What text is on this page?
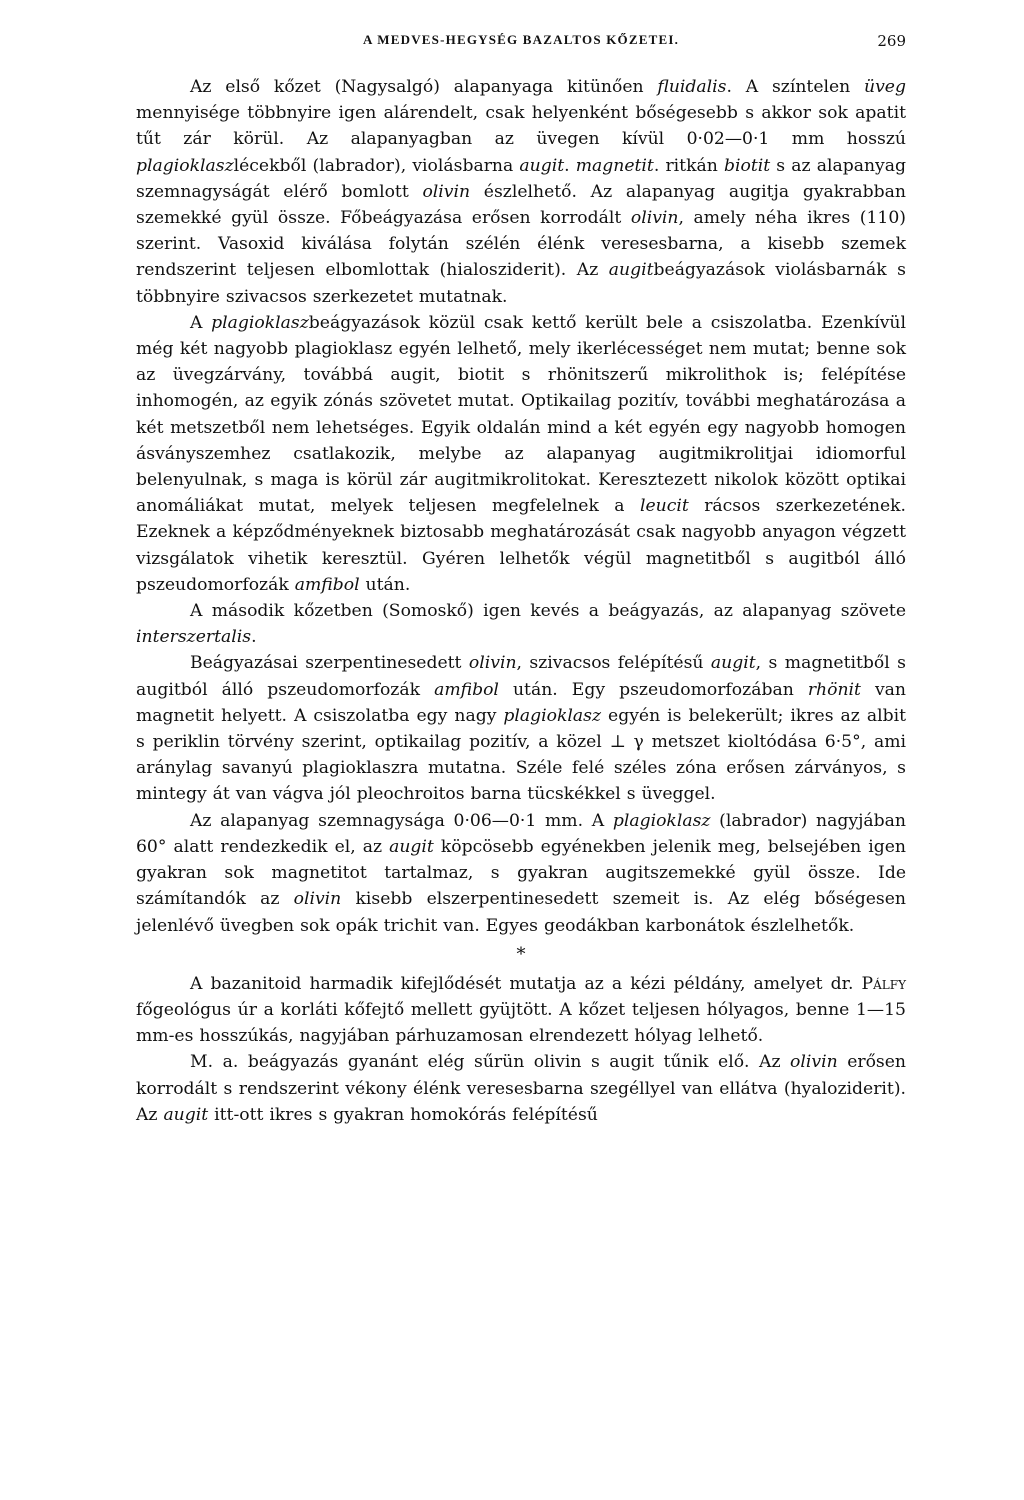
A MEDVES-HEGYSÉG BAZALTOS KŐZETEI.	269

Az első kőzet (Nagysalgó) alapanyaga kitünően fluidalis. A színtelen üveg mennyisége többnyire igen alárendelt, csak helyenként bőségesebb s akkor sok apatit tűt zár körül. Az alapanyagban az üvegen kívül 0·02—0·1 mm hosszú plagioklaszlécekből (labrador), violásbarna augit. magnetit. ritkán biotit s az alapanyag szemnagyságát elérő bomlott olivin észlelhető. Az alapanyag augitja gyakrabban szemekké gyül össze. Főbeágyazása erősen korrodált olivin, amely néha ikres (110) szerint. Vasoxid kiválása folytán szélén élénk veresesbarna, a kisebb szemek rendszerint teljesen elbomlottak (hialosziderit). Az augitbeágyazások violásbarnák s többnyire szivacsos szerkezetet mutatnak.

A plagioklaszbeágyazások közül csak kettő került bele a csiszolatba. Ezenkívül még két nagyobb plagioklasz egyén lelhető, mely ikerlécességet nem mutat; benne sok az üvegzárvány, továbbá augit, biotit s rhönitszerű mikrolithok is; felépítése inhomogén, az egyik zónás szövetet mutat. Optikailag pozitív, további meghatározása a két metszetből nem lehetséges. Egyik oldalán mind a két egyén egy nagyobb homogen ásványszemhez csatlakozik, melybe az alapanyag augitmikrolitjai idiomorful belenyulnak, s maga is körül zár augitmikrolitokat. Keresztezett nikolok között optikai anomáliákat mutat, melyek teljesen megfelelnek a leucit rácsos szerkezetének. Ezeknek a képződményeknek biztosabb meghatározását csak nagyobb anyagon végzett vizsgálatok vihetik keresztül. Gyéren lelhetők végül magnetitből s augitból álló pszeudomorfozák amfibol után.

A második kőzetben (Somoskő) igen kevés a beágyazás, az alapanyag szövete interszertalis.

Beágyazásai szerpentinesedett olivin, szivacsos felépítésű augit, s magnetitből s augitból álló pszeudomorfozák amfibol után. Egy pszeudomorfozában rhönit van magnetit helyett. A csiszolatba egy nagy plagioklasz egyén is belekerült; ikres az albit s periklin törvény szerint, optikailag pozitív, a közel ⊥ γ metszet kioltódása 6·5°, ami aránylag savanyú plagioklaszra mutatna. Széle felé széles zóna erősen zárványos, s mintegy át van vágva jól pleochroitos barna tücskékkel s üveggel.

Az alapanyag szemnagysága 0·06—0·1 mm. A plagioklasz (labrador) nagyjában 60° alatt rendezkedik el, az augit köpcösebb egyénekben jelenik meg, belsejében igen gyakran sok magnetitot tartalmaz, s gyakran augitszemekké gyül össze. Ide számítandók az olivin kisebb elszerpentinesedett szemeit is. Az elég bőségesen jelenlévő üvegben sok opák trichit van. Egyes geodákban karbonátok észlelhetők.

*

A bazanitoid harmadik kifejlődését mutatja az a kézi példány, amelyet dr. Pálfy főgeológus úr a korláti kőfejtő mellett gyüjtött. A kőzet teljesen hólyagos, benne 1—15 mm-es hosszúkás, nagyjában párhuzamosan elrendezett hólyag lelhető.

M. a. beágyazás gyanánt elég sűrün olivin s augit tűnik elő. Az olivin erősen korrodált s rendszerint vékony élénk veresesbarna szegéllyel van ellátva (hyaloziderit). Az augit itt-ott ikres s gyakran homokórás felépítésű
